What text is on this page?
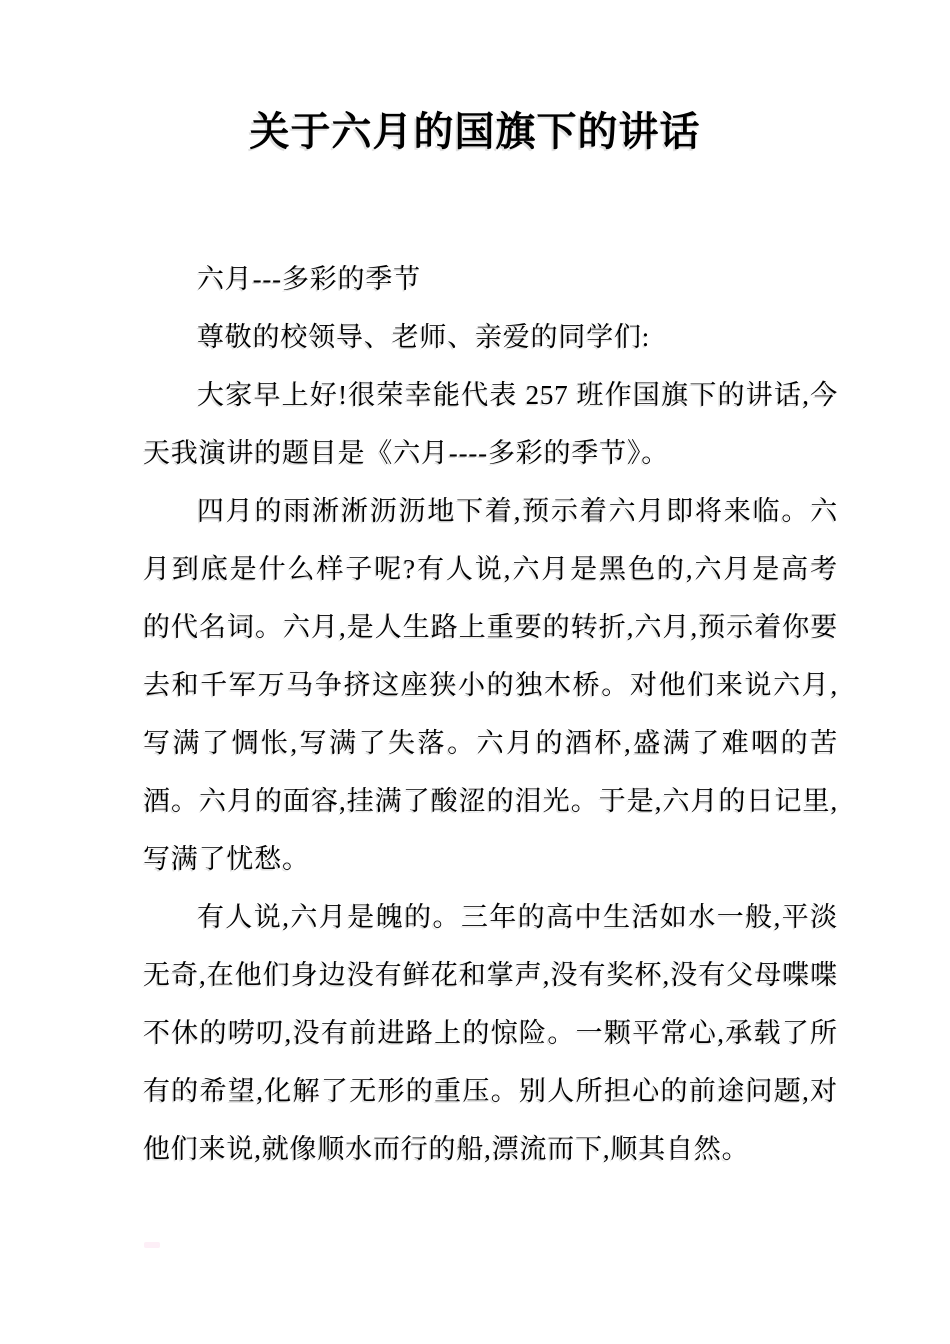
关于六月的国旗下的讲话

六月---多彩的季节

尊敬的校领导、老师、亲爱的同学们:

大家早上好!很荣幸能代表 257 班作国旗下的讲话,今天我演讲的题目是《六月----多彩的季节》。

四月的雨淅淅沥沥地下着,预示着六月即将来临。六月到底是什么样子呢?有人说,六月是黑色的,六月是高考的代名词。六月,是人生路上重要的转折,六月,预示着你要去和千军万马争挤这座狭小的独木桥。对他们来说六月,写满了惆怅,写满了失落。六月的酒杯,盛满了难咽的苦酒。六月的面容,挂满了酸涩的泪光。于是,六月的日记里,写满了忧愁。

有人说,六月是魄的。三年的高中生活如水一般,平淡无奇,在他们身边没有鲜花和掌声,没有奖杯,没有父母喋喋不休的唠叨,没有前进路上的惊险。一颗平常心,承载了所有的希望,化解了无形的重压。别人所担心的前途问题,对他们来说,就像顺水而行的船,漂流而下,顺其自然。
